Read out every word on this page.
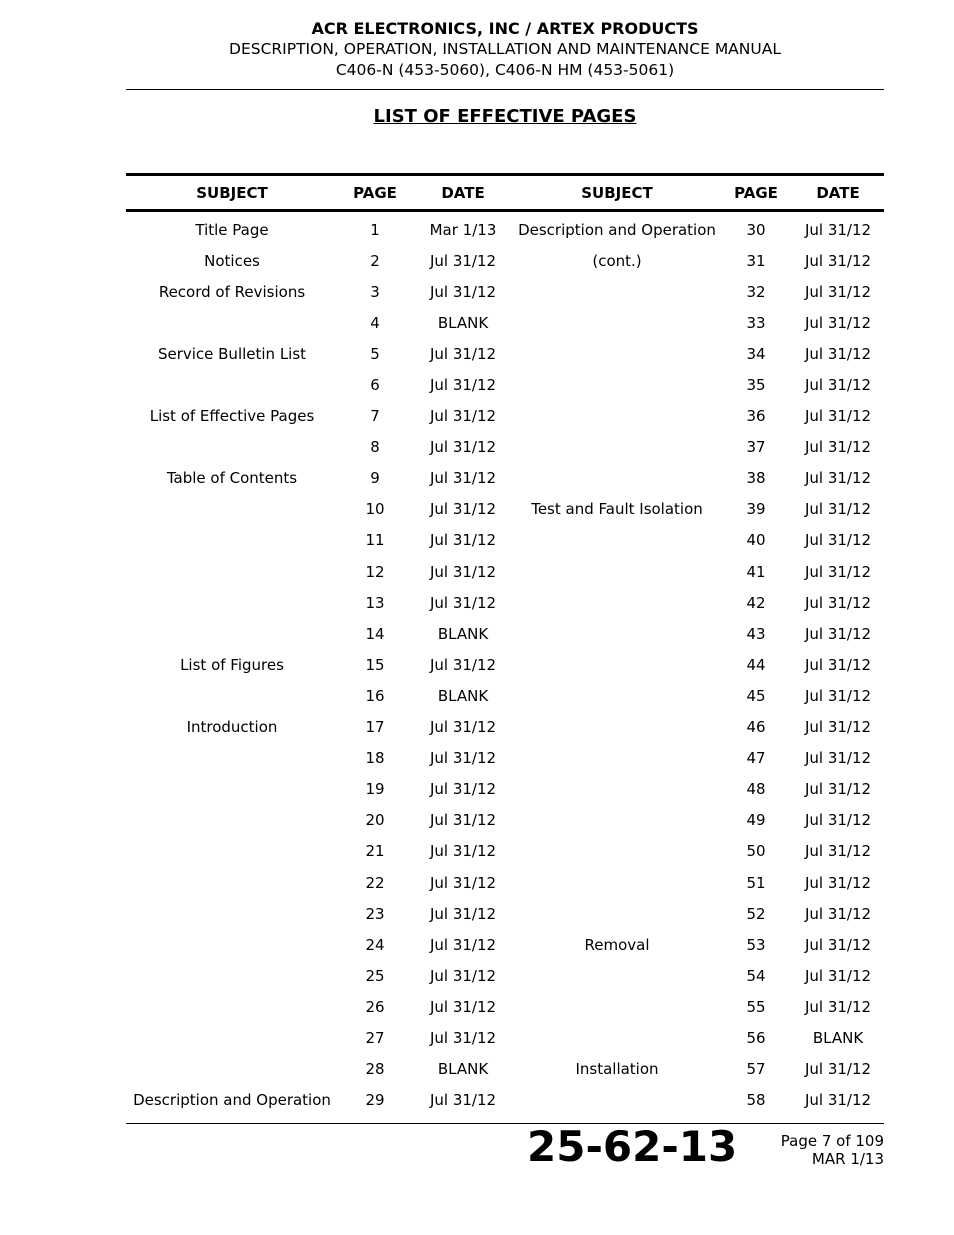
ACR ELECTRONICS, INC / ARTEX PRODUCTS
DESCRIPTION, OPERATION, INSTALLATION AND MAINTENANCE MANUAL
C406-N (453-5060), C406-N HM (453-5061)
LIST OF EFFECTIVE PAGES
SUBJECT	PAGE	DATE	SUBJECT	PAGE	DATE
Title Page	1	Mar 1/13	Description and Operation	30	Jul 31/12
Notices	2	Jul 31/12	(cont.)	31	Jul 31/12
Record of Revisions	3	Jul 31/12		32	Jul 31/12
	4	BLANK		33	Jul 31/12
Service Bulletin List	5	Jul 31/12		34	Jul 31/12
	6	Jul 31/12		35	Jul 31/12
List of Effective Pages	7	Jul 31/12		36	Jul 31/12
	8	Jul 31/12		37	Jul 31/12
Table of Contents	9	Jul 31/12		38	Jul 31/12
	10	Jul 31/12	Test and Fault Isolation	39	Jul 31/12
	11	Jul 31/12		40	Jul 31/12
	12	Jul 31/12		41	Jul 31/12
	13	Jul 31/12		42	Jul 31/12
	14	BLANK		43	Jul 31/12
List of Figures	15	Jul 31/12		44	Jul 31/12
	16	BLANK		45	Jul 31/12
Introduction	17	Jul 31/12		46	Jul 31/12
	18	Jul 31/12		47	Jul 31/12
	19	Jul 31/12		48	Jul 31/12
	20	Jul 31/12		49	Jul 31/12
	21	Jul 31/12		50	Jul 31/12
	22	Jul 31/12		51	Jul 31/12
	23	Jul 31/12		52	Jul 31/12
	24	Jul 31/12	Removal	53	Jul 31/12
	25	Jul 31/12		54	Jul 31/12
	26	Jul 31/12		55	Jul 31/12
	27	Jul 31/12		56	BLANK
	28	BLANK	Installation	57	Jul 31/12
Description and Operation	29	Jul 31/12		58	Jul 31/12
25-62-13	Page 7 of 109
MAR 1/13
